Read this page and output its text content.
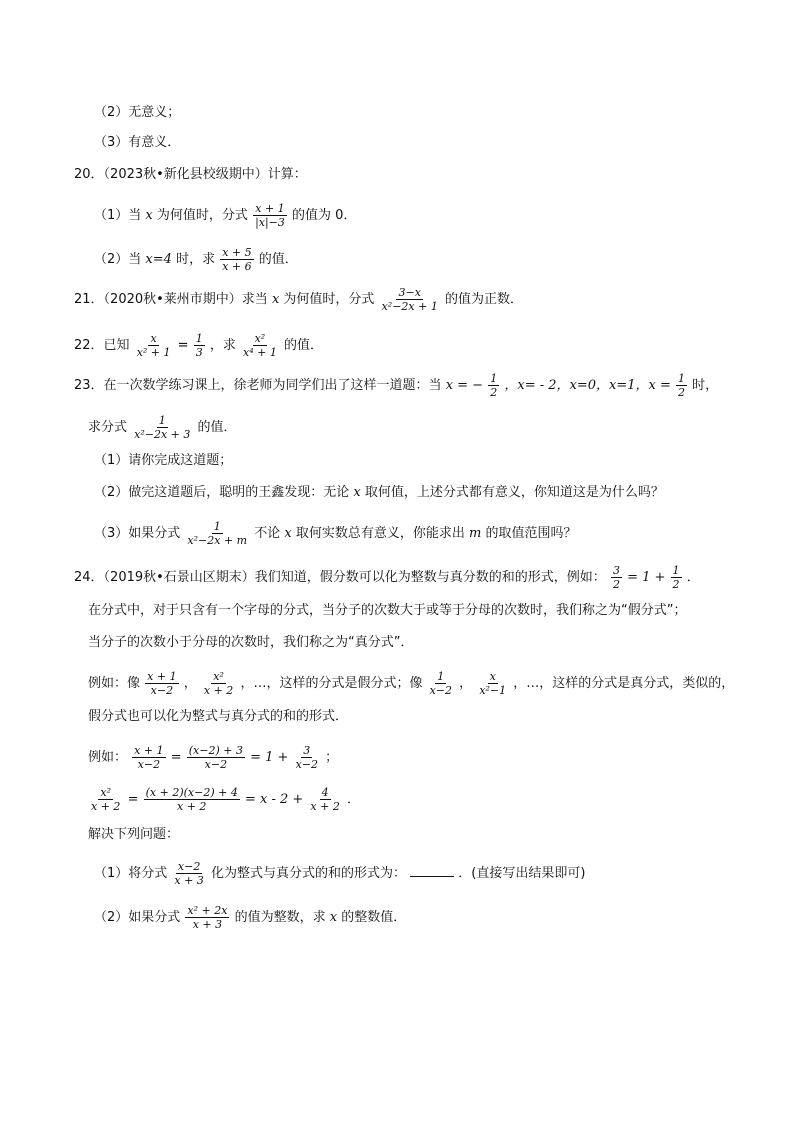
（2）无意义；
（3）有意义．
20．（2023秋•新化县校级期中）计算：
（1）当 x 为何值时，分式 $\frac{x + 1}{|x|-3}$ 的值为 0．
（2）当 x=4 时，求 $\frac{x + 5}{x + 6}$ 的值．
21．（2020秋•莱州市期中）求当 x 为何值时，分式 $\frac{3-x}{\text{x²−2x + 1}}$ 的值为正数．
22．已知 $\frac{x}{\text{x² + 1}} = \frac{1}{3}$ ，求 $\frac{\text{x²}}{\text{x⁴ + 1}}$ 的值．
23．在一次数学练习课上，徐老师为同学们出了这样一道题：当 x = − $\frac{1}{2}$ ，x= - 2，x=0，x=1，$x = \frac{1}{2}$ 时，
求分式 $\frac{1}{\text{x²−2x + 3}}$ 的值．
（1）请你完成这道题；
（2）做完这道题后，聪明的王鑫发现：无论 x 取何值，上述分式都有意义，你知道这是为什么吗？
（3）如果分式 $\frac{1}{\text{x²−2x + m}}$ 不论 x 取何实数总有意义，你能求出 m 的取值范围吗？
24．（2019秋•石景山区期末）我们知道，假分数可以化为整数与真分数的和的形式，例如： $\frac{3}{2} = 1 + \frac{1}{2}$ ．
在分式中，对于只含有一个字母的分式，当分子的次数大于或等于分母的次数时，我们称之为“假分式”；
当分子的次数小于分母的次数时，我们称之为“真分式”．
例如：像 $\frac{x + 1}{x-2}$ ， $\frac{\text{x²}}{x + 2}$ ，…，这样的分式是假分式；像 $\frac{1}{x-2}$ ， $\frac{x}{\text{x²−1}}$ ，…，这样的分式是真分式，类似的，
假分式也可以化为整式与真分式的和的形式．
例如： $\frac{x + 1}{x-2} = \frac{(x-2) + 3}{x-2} = 1 + \frac{3}{x-2}$ ；
$\frac{\text{x²}}{x + 2} = \frac{(x + 2)(x-2) + 4}{x + 2} = x - 2 + \frac{4}{x + 2}$ ．
解决下列问题：
（1）将分式 $\frac{x-2}{x + 3}$ 化为整式与真分式的和的形式为：	．(直接写出结果即可)
（2）如果分式 $\frac{\text{x² + 2x}}{x + 3}$ 的值为整数，求 x 的整数值．
